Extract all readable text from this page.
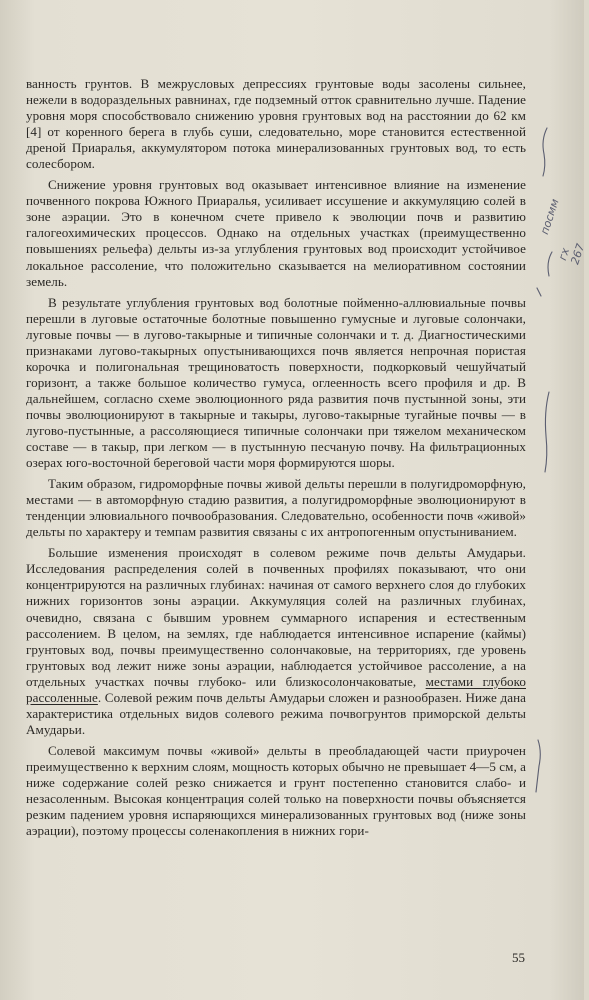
ванность грунтов. В межрусловых депрессиях грунтовые воды засолены сильнее, нежели в водораздельных равнинах, где подземный отток сравнительно лучше. Падение уровня моря способствовало снижению уровня грунтовых вод на расстоянии до 62 км [4] от коренного берега в глубь суши, следовательно, море становится естественной дреной Приаралья, аккумулятором потока минерализованных грунтовых вод, то есть солесбором.

Снижение уровня грунтовых вод оказывает интенсивное влияние на изменение почвенного покрова Южного Приаралья, усиливает иссушение и аккумуляцию солей в зоне аэрации. Это в конечном счете привело к эволюции почв и развитию галогеохимических процессов. Однако на отдельных участках (преимущественно повышениях рельефа) дельты из-за углубления грунтовых вод происходит устойчивое локальное рассоление, что положительно сказывается на мелиоративном состоянии земель.

В результате углубления грунтовых вод болотные пойменно-аллювиальные почвы перешли в луговые остаточные болотные повышенно гумусные и луговые солончаки, луговые почвы — в лугово-такырные и типичные солончаки и т. д. Диагностическими признаками лугово-такырных опустынивающихся почв является непрочная пористая корочка и полигональная трещиноватость поверхности, подкорковый чешуйчатый горизонт, а также большое количество гумуса, оглеенность всего профиля и др. В дальнейшем, согласно схеме эволюционного ряда развития почв пустынной зоны, эти почвы эволюционируют в такырные и такыры, лугово-такырные тугайные почвы — в лугово-пустынные, а рассоляющиеся типичные солончаки при тяжелом механическом составе — в такыр, при легком — в пустынную песчаную почву. На фильтрационных озерах юго-восточной береговой части моря формируются шоры.

Таким образом, гидроморфные почвы живой дельты перешли в полугидроморфную, местами — в автоморфную стадию развития, а полугидроморфные эволюционируют в тенденции элювиального почвообразования. Следовательно, особенности почв «живой» дельты по характеру и темпам развития связаны с их антропогенным опустыниванием.

Большие изменения происходят в солевом режиме почв дельты Амударьи. Исследования распределения солей в почвенных профилях показывают, что они концентрируются на различных глубинах: начиная от самого верхнего слоя до глубоких нижних горизонтов зоны аэрации. Аккумуляция солей на различных глубинах, очевидно, связана с бывшим уровнем суммарного испарения и естественным рассолением. В целом, на землях, где наблюдается интенсивное испарение (каймы) грунтовых вод, почвы преимущественно солончаковые, на территориях, где уровень грунтовых вод лежит ниже зоны аэрации, наблюдается устойчивое рассоление, а на отдельных участках почвы глубоко- или близкосолончаковатые, местами глубоко рассоленные. Солевой режим почв дельты Амударьи сложен и разнообразен. Ниже дана характеристика отдельных видов солевого режима почвогрунтов приморской дельты Амударьи.

Солевой максимум почвы «живой» дельты в преобладающей части приурочен преимущественно к верхним слоям, мощность которых обычно не превышает 4—5 см, а ниже содержание солей резко снижается и грунт постепенно становится слабо- и незасоленным. Высокая концентрация солей только на поверхности почвы объясняется резким падением уровня испаряющихся минерализованных грунтовых вод (ниже зоны аэрации), поэтому процессы соленакопления в нижних гори-

55
посмм
гх 267
